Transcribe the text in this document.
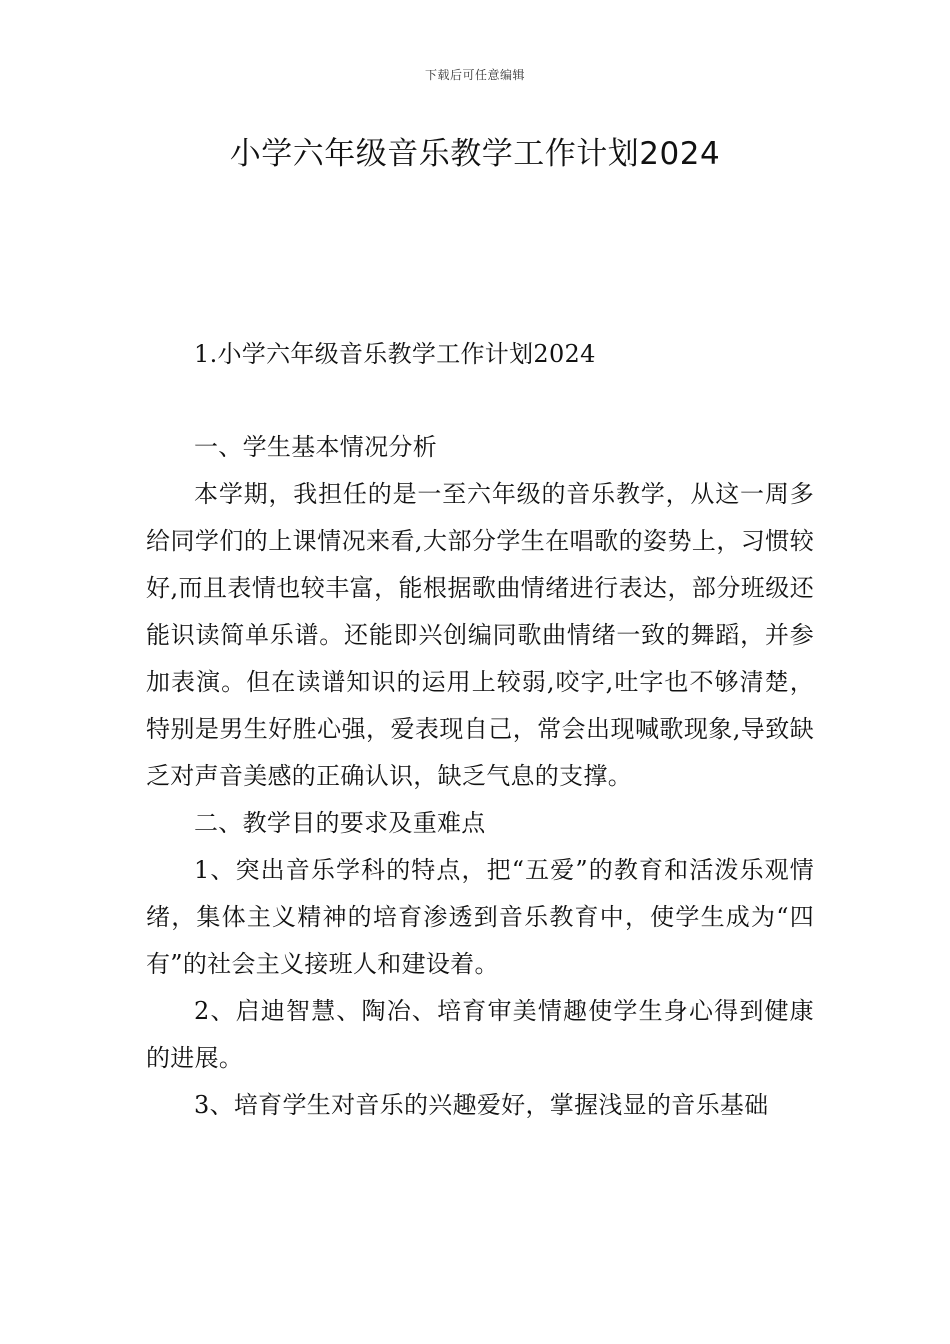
下载后可任意编辑
小学六年级音乐教学工作计划2024

1.小学六年级音乐教学工作计划2024

一、学生基本情况分析

本学期，我担任的是一至六年级的音乐教学，从这一周多给同学们的上课情况来看,大部分学生在唱歌的姿势上，习惯较好,而且表情也较丰富，能根据歌曲情绪进行表达，部分班级还能识读简单乐谱。还能即兴创编同歌曲情绪一致的舞蹈，并参加表演。但在读谱知识的运用上较弱,咬字,吐字也不够清楚，特别是男生好胜心强，爱表现自己，常会出现喊歌现象,导致缺乏对声音美感的正确认识，缺乏气息的支撑。

二、教学目的要求及重难点

1、突出音乐学科的特点，把“五爱”的教育和活泼乐观情绪，集体主义精神的培育渗透到音乐教育中，使学生成为“四有”的社会主义接班人和建设着。

2、启迪智慧、陶冶、培育审美情趣使学生身心得到健康的进展。

3、培育学生对音乐的兴趣爱好，掌握浅显的音乐基础
